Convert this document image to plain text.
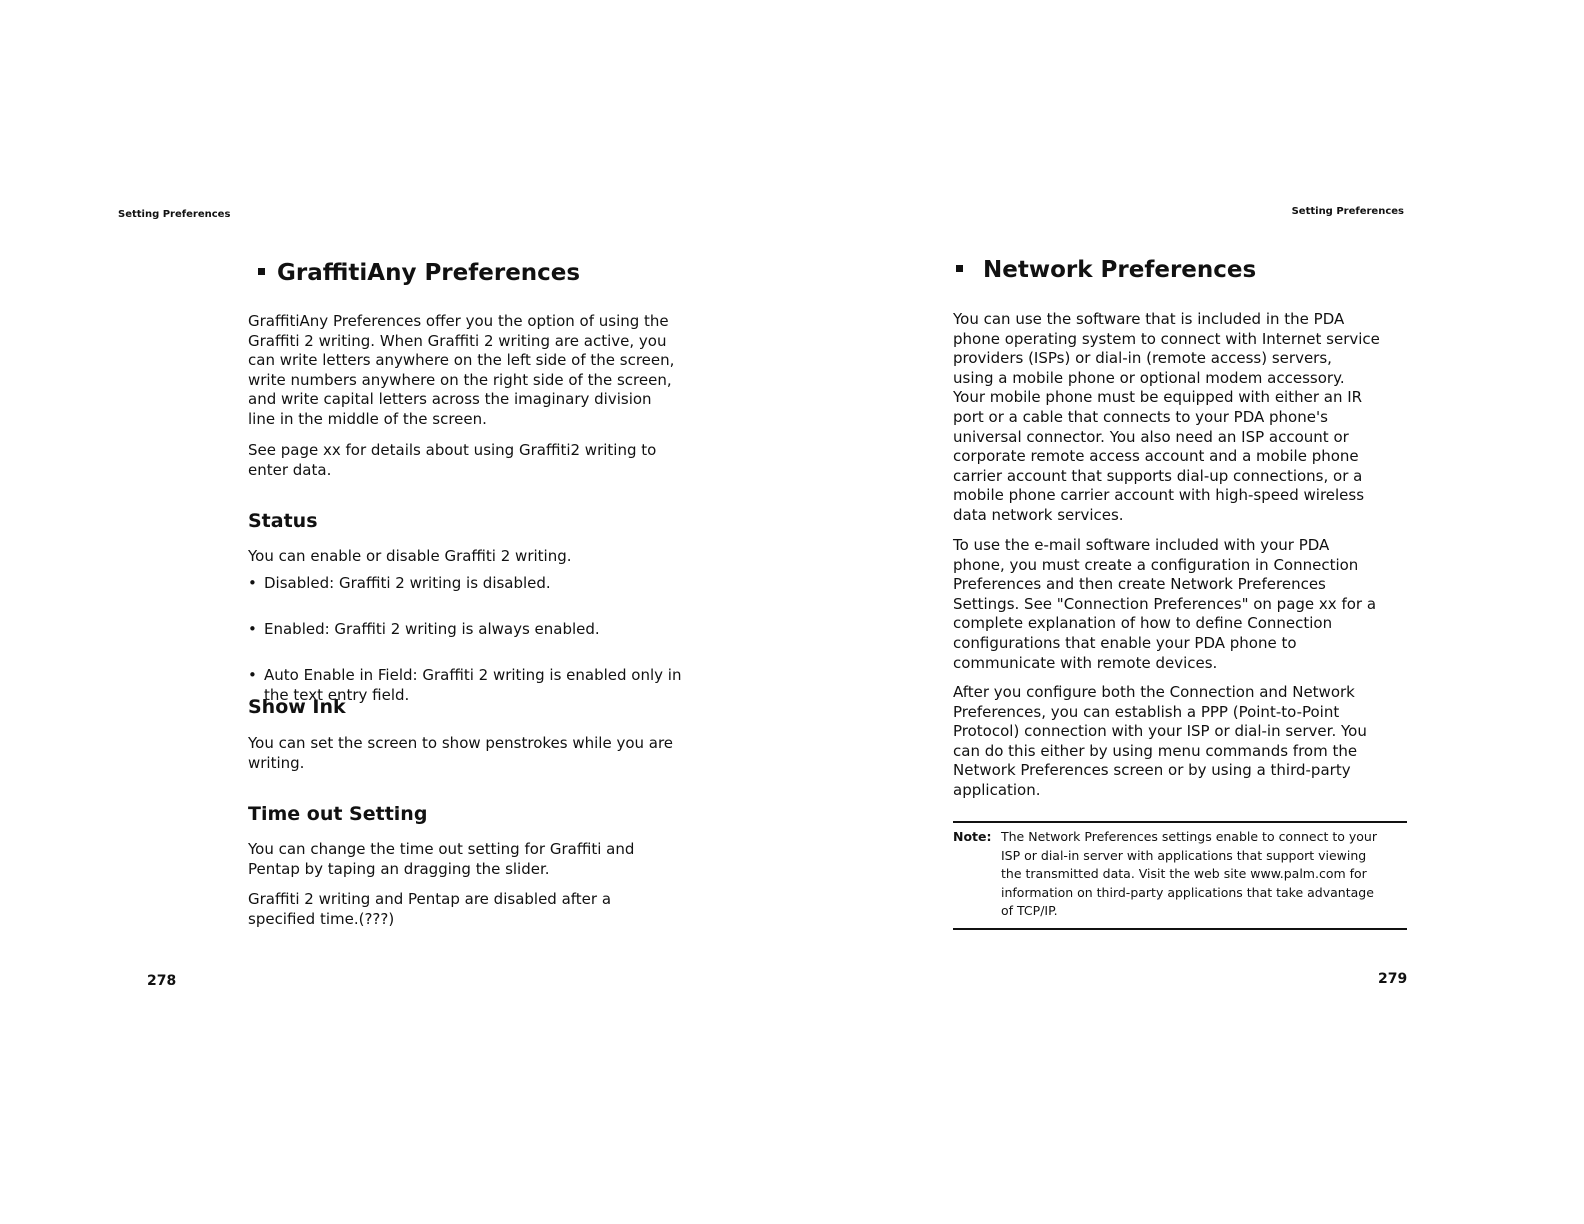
Setting Preferences
GraffitiAny Preferences
GraffitiAny Preferences offer you the option of using the
Graffiti 2 writing. When Graffiti 2 writing are active, you
can write letters anywhere on the left side of the screen,
write numbers anywhere on the right side of the screen,
and write capital letters across the imaginary division
line in the middle of the screen.
See page xx for details about using Graffiti2 writing to
enter data.
Status
You can enable or disable Graffiti 2 writing.
• Disabled: Graffiti 2 writing is disabled.
• Enabled: Graffiti 2 writing is always enabled.
• Auto Enable in Field: Graffiti 2 writing is enabled only in
the text entry field.
Show Ink
You can set the screen to show penstrokes while you are
writing.
Time out Setting
You can change the time out setting for Graffiti and
Pentap by taping an dragging the slider.
Graffiti 2 writing and Pentap are disabled after a
specified time.(???)
278
Setting Preferences
Network Preferences
You can use the software that is included in the PDA
phone operating system to connect with Internet service
providers (ISPs) or dial-in (remote access) servers,
using a mobile phone or optional modem accessory.
Your mobile phone must be equipped with either an IR
port or a cable that connects to your PDA phone's
universal connector. You also need an ISP account or
corporate remote access account and a mobile phone
carrier account that supports dial-up connections, or a
mobile phone carrier account with high-speed wireless
data network services.
To use the e-mail software included with your PDA
phone, you must create a configuration in Connection
Preferences and then create Network Preferences
Settings. See "Connection Preferences" on page xx for a
complete explanation of how to define Connection
configurations that enable your PDA phone to
communicate with remote devices.
After you configure both the Connection and Network
Preferences, you can establish a PPP (Point-to-Point
Protocol) connection with your ISP or dial-in server. You
can do this either by using menu commands from the
Network Preferences screen or by using a third-party
application.
Note: The Network Preferences settings enable to connect to your
ISP or dial-in server with applications that support viewing
the transmitted data. Visit the web site www.palm.com for
information on third-party applications that take advantage
of TCP/IP.
279
